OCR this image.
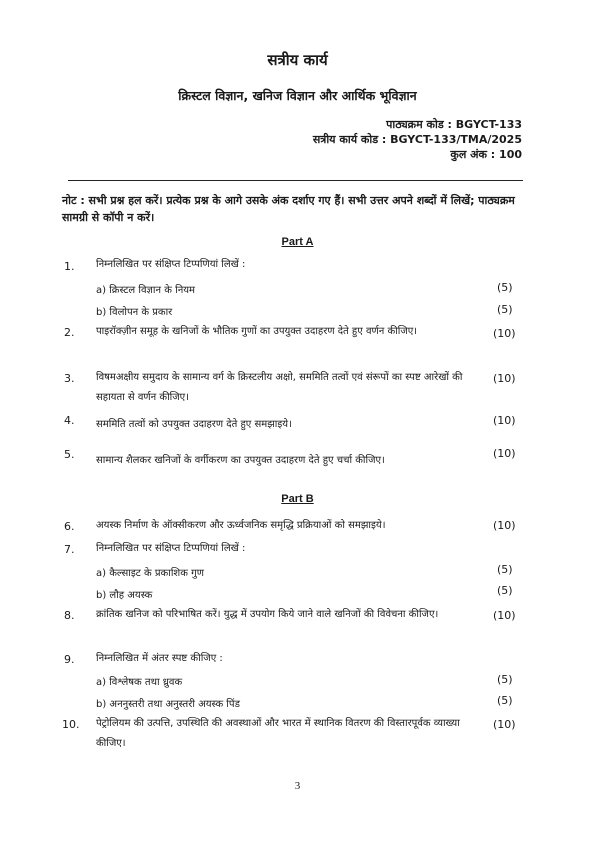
सत्रीय कार्य
क्रिस्टल विज्ञान, खनिज विज्ञान और आर्थिक भूविज्ञान
पाठ्यक्रम कोड : BGYCT-133
सत्रीय कार्य कोड : BGYCT-133/TMA/2025
कुल अंक : 100
नोट : सभी प्रश्न हल करें। प्रत्येक प्रश्न के आगे उसके अंक दर्शाए गए हैं। सभी उत्तर अपने शब्दों में लिखें; पाठ्यक्रम सामग्री से कॉपी न करें।
Part A
1. निम्नलिखित पर संक्षिप्त टिप्पणियां लिखें :
a) क्रिस्टल विज्ञान के नियम	(5)
b) विलोपन के प्रकार	(5)
2. पाइरॉक्ज़ीन समूह के खनिजों के भौतिक गुणों का उपयुक्त उदाहरण देते हुए वर्णन कीजिए।	(10)
3. विषमअक्षीय समुदाय के सामान्य वर्ग के क्रिस्टलीय अक्षो, सममिति तत्वों एवं संरूपों का स्पष्ट आरेखों की सहायता से वर्णन कीजिए।
(10)
4. सममिति तत्वों को उपयुक्त उदाहरण देते हुए समझाइये।	(10)
5. सामान्य शैलकर खनिजों के वर्गीकरण का उपयुक्त उदाहरण देते हुए चर्चा कीजिए।
(10)
Part B
6. अयस्क निर्माण के ऑक्सीकरण और ऊर्ध्वजनिक समृद्धि प्रक्रियाओं को समझाइये।	(10)
7. निम्नलिखित पर संक्षिप्त टिप्पणियां लिखें :
a) कैल्साइट के प्रकाशिक गुण	(5)
b) लौह अयस्क	(5)
8. क्रांतिक खनिज को परिभाषित करें। युद्ध में उपयोग किये जाने वाले खनिजों की विवेचना कीजिए।	(10)
9. निम्नलिखित में अंतर स्पष्ट कीजिए :
a) विश्लेषक तथा ध्रुवक	(5)
b) अननुस्तरी तथा अनुस्तरी अयस्क पिंड	(5)
10. पेट्रोलियम की उत्पत्ति, उपस्थिति की अवस्थाओं और भारत में स्थानिक वितरण की विस्तारपूर्वक व्याख्या कीजिए।
(10)
3
